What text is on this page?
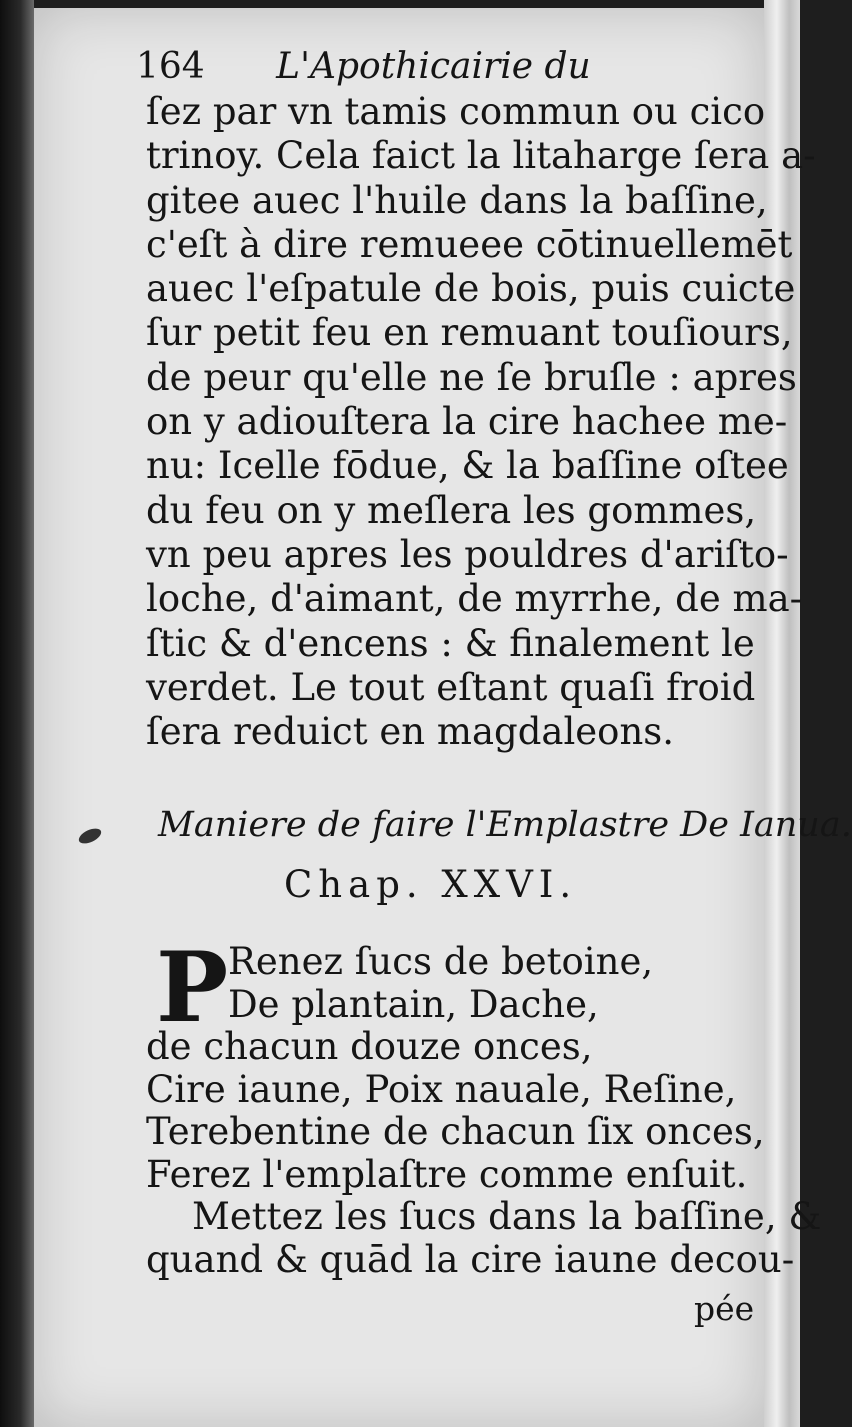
164 L'Apothicairie du
ſez par vn tamis commun ou cico
trinoy. Cela faict la litaharge ſera a-
gitee auec l'huile dans la baſſine,
c'eſt à dire remueee cōtinuellemēt
auec l'eſpatule de bois, puis cuicte
ſur petit feu en remuant touſiours,
de peur qu'elle ne ſe bruſle : apres
on y adiouſtera la cire hachee me-
nu: Icelle fōdue, & la baſſine oſtee
du feu on y meſlera les gommes,
vn peu apres les pouldres d'ariſto-
loche, d'aimant, de myrrhe, de ma-
ſtic & d'encens : & finalement le
verdet. Le tout eſtant quaſi froid
ſera reduict en magdaleons.
Maniere de faire l'Emplastre De Ianua.
Chap. XXVI.
P Renez ſucs de betoine,
De plantain, Dache,
de chacun douze onces,
Cire iaune, Poix nauale, Reſine,
Terebentine de chacun ſix onces,
Ferez l'emplaſtre comme enſuit.
Mettez les ſucs dans la baſſine, &
quand & quād la cire iaune decou-
pée
